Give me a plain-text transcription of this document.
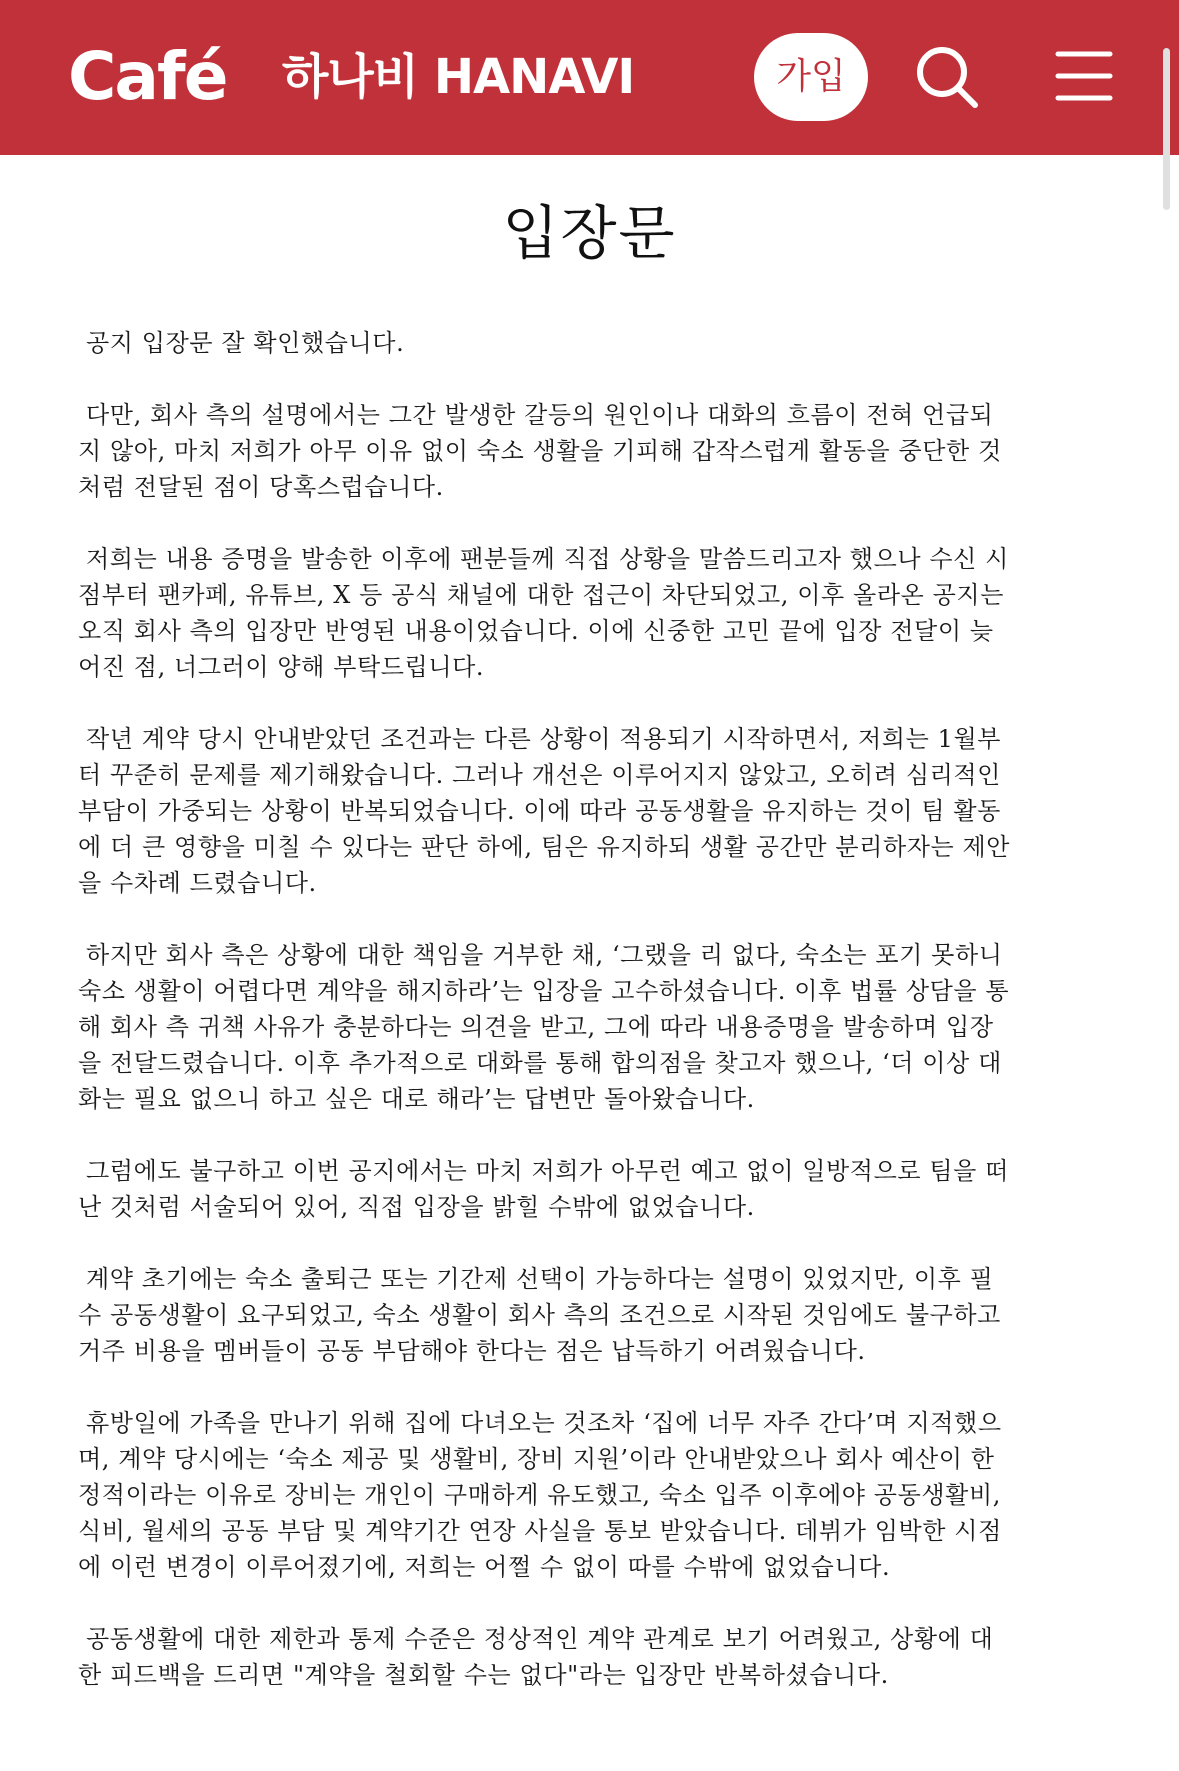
Café 하나비 HANAVI	가입
입장문
공지 입장문 잘 확인했습니다.
다만, 회사 측의 설명에서는 그간 발생한 갈등의 원인이나 대화의 흐름이 전혀 언급되
지 않아, 마치 저희가 아무 이유 없이 숙소 생활을 기피해 갑작스럽게 활동을 중단한 것
처럼 전달된 점이 당혹스럽습니다.
저희는 내용 증명을 발송한 이후에 팬분들께 직접 상황을 말씀드리고자 했으나 수신 시
점부터 팬카페, 유튜브, X 등 공식 채널에 대한 접근이 차단되었고, 이후 올라온 공지는
오직 회사 측의 입장만 반영된 내용이었습니다. 이에 신중한 고민 끝에 입장 전달이 늦
어진 점, 너그러이 양해 부탁드립니다.
작년 계약 당시 안내받았던 조건과는 다른 상황이 적용되기 시작하면서, 저희는 1월부
터 꾸준히 문제를 제기해왔습니다. 그러나 개선은 이루어지지 않았고, 오히려 심리적인
부담이 가중되는 상황이 반복되었습니다. 이에 따라 공동생활을 유지하는 것이 팀 활동
에 더 큰 영향을 미칠 수 있다는 판단 하에, 팀은 유지하되 생활 공간만 분리하자는 제안
을 수차례 드렸습니다.
하지만 회사 측은 상황에 대한 책임을 거부한 채, ‘그랬을 리 없다, 숙소는 포기 못하니
숙소 생활이 어렵다면 계약을 해지하라’는 입장을 고수하셨습니다. 이후 법률 상담을 통
해 회사 측 귀책 사유가 충분하다는 의견을 받고, 그에 따라 내용증명을 발송하며 입장
을 전달드렸습니다. 이후 추가적으로 대화를 통해 합의점을 찾고자 했으나, ‘더 이상 대
화는 필요 없으니 하고 싶은 대로 해라’는 답변만 돌아왔습니다.
그럼에도 불구하고 이번 공지에서는 마치 저희가 아무런 예고 없이 일방적으로 팀을 떠
난 것처럼 서술되어 있어, 직접 입장을 밝힐 수밖에 없었습니다.
계약 초기에는 숙소 출퇴근 또는 기간제 선택이 가능하다는 설명이 있었지만, 이후 필
수 공동생활이 요구되었고, 숙소 생활이 회사 측의 조건으로 시작된 것임에도 불구하고
거주 비용을 멤버들이 공동 부담해야 한다는 점은 납득하기 어려웠습니다.
휴방일에 가족을 만나기 위해 집에 다녀오는 것조차 ‘집에 너무 자주 간다’며 지적했으
며, 계약 당시에는 ‘숙소 제공 및 생활비, 장비 지원’이라 안내받았으나 회사 예산이 한
정적이라는 이유로 장비는 개인이 구매하게 유도했고, 숙소 입주 이후에야 공동생활비,
식비, 월세의 공동 부담 및 계약기간 연장 사실을 통보 받았습니다. 데뷔가 임박한 시점
에 이런 변경이 이루어졌기에, 저희는 어쩔 수 없이 따를 수밖에 없었습니다.
공동생활에 대한 제한과 통제 수준은 정상적인 계약 관계로 보기 어려웠고, 상황에 대
한 피드백을 드리면 "계약을 철회할 수는 없다"라는 입장만 반복하셨습니다.
